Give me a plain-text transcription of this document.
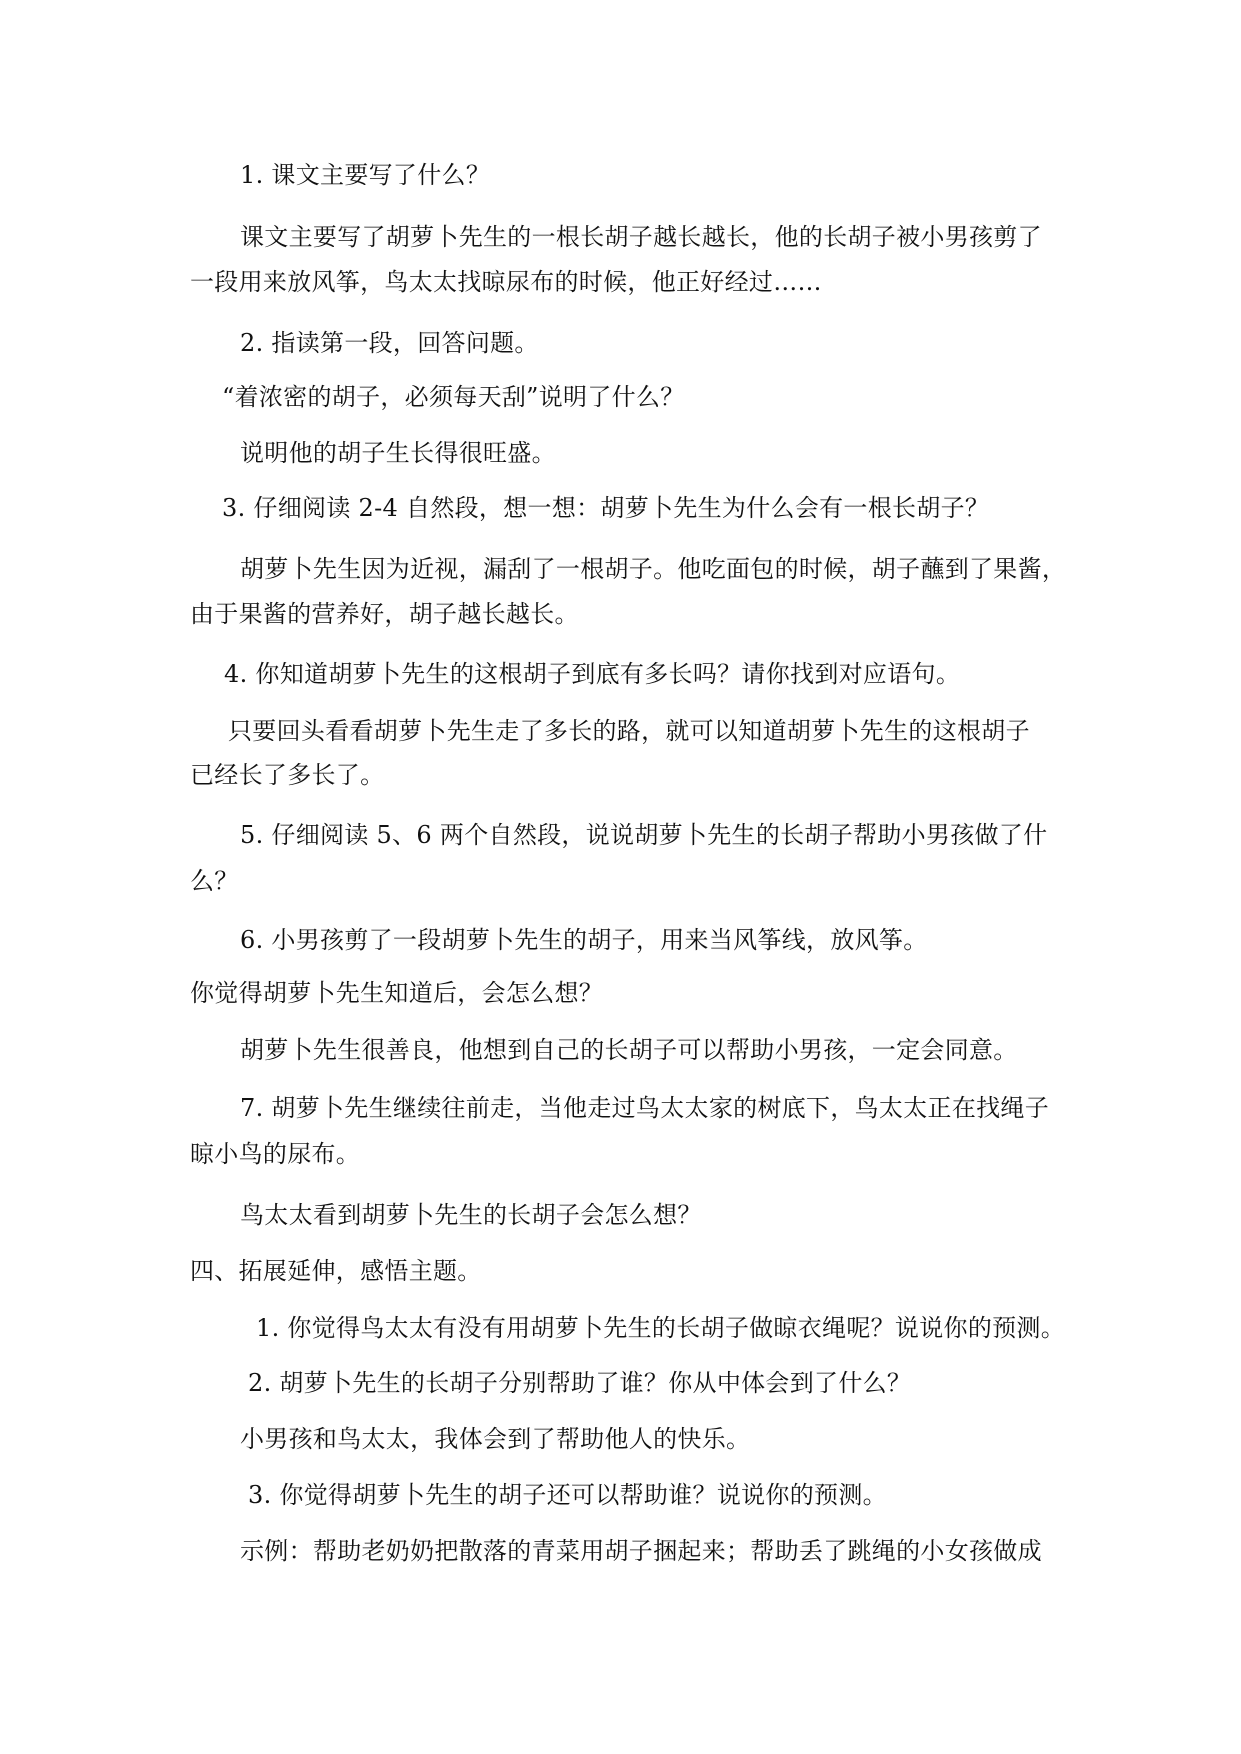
1. 课文主要写了什么？
课文主要写了胡萝卜先生的一根长胡子越长越长，他的长胡子被小男孩剪了
一段用来放风筝，鸟太太找晾尿布的时候，他正好经过……
2. 指读第一段，回答问题。
“着浓密的胡子，必须每天刮”说明了什么？
说明他的胡子生长得很旺盛。
3. 仔细阅读 2-4 自然段，想一想：胡萝卜先生为什么会有一根长胡子？
胡萝卜先生因为近视，漏刮了一根胡子。他吃面包的时候，胡子蘸到了果酱，
由于果酱的营养好，胡子越长越长。
4. 你知道胡萝卜先生的这根胡子到底有多长吗？请你找到对应语句。
只要回头看看胡萝卜先生走了多长的路，就可以知道胡萝卜先生的这根胡子
已经长了多长了。
5. 仔细阅读 5、6 两个自然段，说说胡萝卜先生的长胡子帮助小男孩做了什
么？
6. 小男孩剪了一段胡萝卜先生的胡子，用来当风筝线，放风筝。
你觉得胡萝卜先生知道后，会怎么想？
胡萝卜先生很善良，他想到自己的长胡子可以帮助小男孩，一定会同意。
7. 胡萝卜先生继续往前走，当他走过鸟太太家的树底下，鸟太太正在找绳子
晾小鸟的尿布。
鸟太太看到胡萝卜先生的长胡子会怎么想？
四、拓展延伸，感悟主题。
1. 你觉得鸟太太有没有用胡萝卜先生的长胡子做晾衣绳呢？说说你的预测。
2. 胡萝卜先生的长胡子分别帮助了谁？你从中体会到了什么？
小男孩和鸟太太，我体会到了帮助他人的快乐。
3. 你觉得胡萝卜先生的胡子还可以帮助谁？说说你的预测。
示例：帮助老奶奶把散落的青菜用胡子捆起来；帮助丢了跳绳的小女孩做成
